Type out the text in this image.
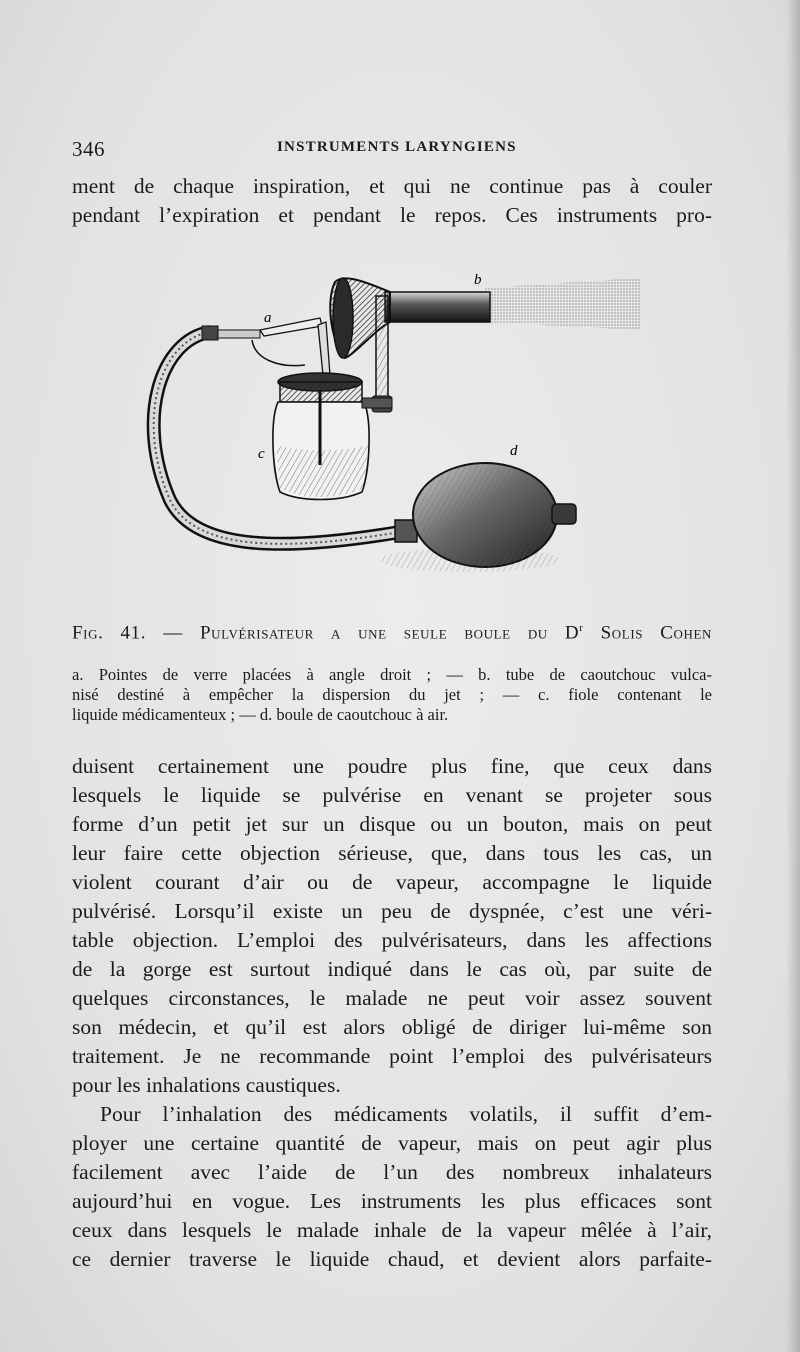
346	INSTRUMENTS LARYNGIENS
ment de chaque inspiration, et qui ne continue pas à couler
pendant l’expiration et pendant le repos. Ces instruments pro-
b
a
c	d
Fig. 41. — Pulvérisateur a une seule boule du $D^r$ Solis Cohen
a. Pointes de verre placées à angle droit ; — b. tube de caoutchouc vulca-
nisé destiné à empêcher la dispersion du jet ; — c. fiole contenant le
liquide médicamenteux ; — d. boule de caoutchouc à air.
duisent certainement une poudre plus fine, que ceux dans
lesquels le liquide se pulvérise en venant se projeter sous
forme d’un petit jet sur un disque ou un bouton, mais on peut
leur faire cette objection sérieuse, que, dans tous les cas, un
violent courant d’air ou de vapeur, accompagne le liquide
pulvérisé. Lorsqu’il existe un peu de dyspnée, c’est une véri-
table objection. L’emploi des pulvérisateurs, dans les affections
de la gorge est surtout indiqué dans le cas où, par suite de
quelques circonstances, le malade ne peut voir assez souvent
son médecin, et qu’il est alors obligé de diriger lui-même son
traitement. Je ne recommande point l’emploi des pulvérisateurs
pour les inhalations caustiques.
Pour l’inhalation des médicaments volatils, il suffit d’em-
ployer une certaine quantité de vapeur, mais on peut agir plus
facilement avec l’aide de l’un des nombreux inhalateurs
aujourd’hui en vogue. Les instruments les plus efficaces sont
ceux dans lesquels le malade inhale de la vapeur mêlée à l’air,
ce dernier traverse le liquide chaud, et devient alors parfaite-
